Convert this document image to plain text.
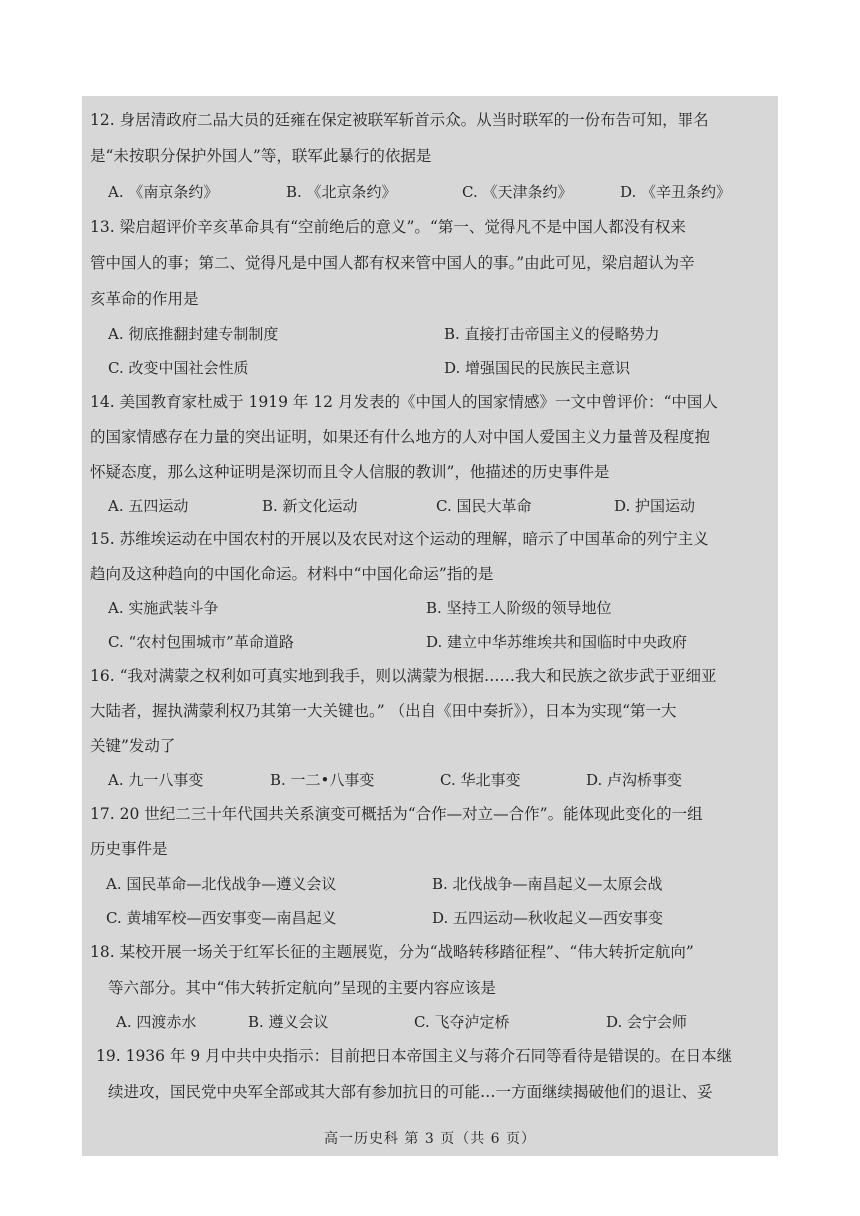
12. 身居清政府二品大员的廷雍在保定被联军斩首示众。从当时联军的一份布告可知，罪名
是“未按职分保护外国人”等，联军此暴行的依据是
A. 《南京条约》	B. 《北京条约》	C. 《天津条约》	D. 《辛丑条约》
13. 梁启超评价辛亥革命具有“空前绝后的意义”。“第一、觉得凡不是中国人都没有权来
管中国人的事；第二、觉得凡是中国人都有权来管中国人的事。”由此可见，梁启超认为辛
亥革命的作用是
A. 彻底推翻封建专制制度	B. 直接打击帝国主义的侵略势力
C. 改变中国社会性质	D. 增强国民的民族民主意识
14. 美国教育家杜威于 1919 年 12 月发表的《中国人的国家情感》一文中曾评价：“中国人
的国家情感存在力量的突出证明，如果还有什么地方的人对中国人爱国主义力量普及程度抱
怀疑态度，那么这种证明是深切而且令人信服的教训”，他描述的历史事件是
A. 五四运动	B. 新文化运动	C. 国民大革命	D. 护国运动
15. 苏维埃运动在中国农村的开展以及农民对这个运动的理解，暗示了中国革命的列宁主义
趋向及这种趋向的中国化命运。材料中“中国化命运”指的是
A. 实施武装斗争	B. 坚持工人阶级的领导地位
C. “农村包围城市”革命道路	D. 建立中华苏维埃共和国临时中央政府
16. “我对满蒙之权利如可真实地到我手，则以满蒙为根据……我大和民族之欲步武于亚细亚
大陆者，握执满蒙利权乃其第一大关键也。” （出自《田中奏折》），日本为实现“第一大
关键”发动了
A. 九一八事变	B. 一二•八事变	C. 华北事变	D. 卢沟桥事变
17. 20 世纪二三十年代国共关系演变可概括为“合作—对立—合作”。能体现此变化的一组
历史事件是
A. 国民革命—北伐战争—遵义会议	B. 北伐战争—南昌起义—太原会战
C. 黄埔军校—西安事变—南昌起义	D. 五四运动—秋收起义—西安事变
18. 某校开展一场关于红军长征的主题展览，分为“战略转移踏征程”、“伟大转折定航向”
等六部分。其中“伟大转折定航向”呈现的主要内容应该是
A. 四渡赤水	B. 遵义会议	C. 飞夺泸定桥	D. 会宁会师
19. 1936 年 9 月中共中央指示：目前把日本帝国主义与蒋介石同等看待是错误的。在日本继
续进攻，国民党中央军全部或其大部有参加抗日的可能…一方面继续揭破他们的退让、妥
高一历史科 第 3 页（共 6 页）
